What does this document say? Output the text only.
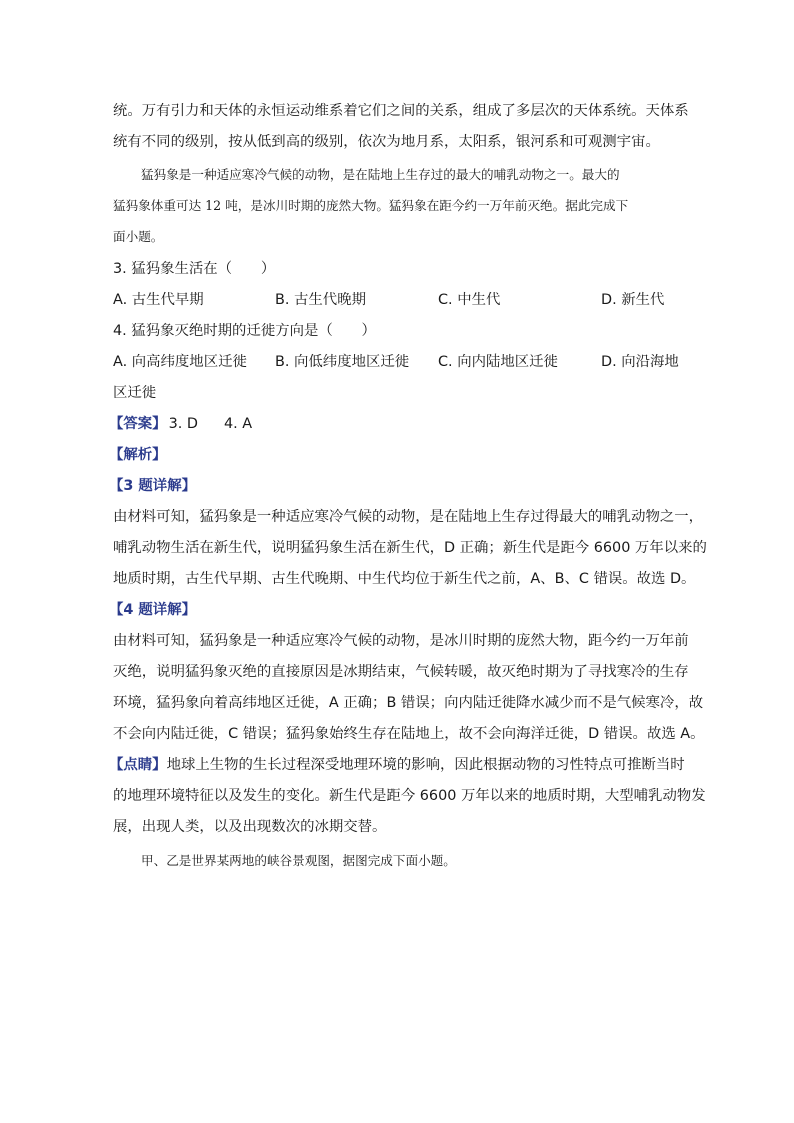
统。万有引力和天体的永恒运动维系着它们之间的关系，组成了多层次的天体系统。天体系
统有不同的级别，按从低到高的级别，依次为地月系，太阳系，银河系和可观测宇宙。
猛犸象是一种适应寒冷气候的动物，是在陆地上生存过的最大的哺乳动物之一。最大的
猛犸象体重可达 12 吨，是冰川时期的庞然大物。猛犸象在距今约一万年前灭绝。据此完成下
面小题。
3. 猛犸象生活在（　　）
A. 古生代早期	B. 古生代晚期	C. 中生代	D. 新生代
4. 猛犸象灭绝时期的迁徙方向是（　　）
A. 向高纬度地区迁徙 B. 向低纬度地区迁徙 C. 向内陆地区迁徙	D. 向沿海地
区迁徙
【答案】 3. D 4. A
【解析】
【3 题详解】
由材料可知，猛犸象是一种适应寒冷气候的动物，是在陆地上生存过得最大的哺乳动物之一，
哺乳动物生活在新生代，说明猛犸象生活在新生代，D 正确；新生代是距今 6600 万年以来的
地质时期，古生代早期、古生代晚期、中生代均位于新生代之前，A、B、C 错误。故选 D。
【4 题详解】
由材料可知，猛犸象是一种适应寒冷气候的动物，是冰川时期的庞然大物，距今约一万年前
灭绝，说明猛犸象灭绝的直接原因是冰期结束，气候转暖，故灭绝时期为了寻找寒冷的生存
环境，猛犸象向着高纬地区迁徙，A 正确；B 错误；向内陆迁徙降水减少而不是气候寒冷，故
不会向内陆迁徙，C 错误；猛犸象始终生存在陆地上，故不会向海洋迁徙，D 错误。故选 A。
【点睛】地球上生物的生长过程深受地理环境的影响，因此根据动物的习性特点可推断当时
的地理环境特征以及发生的变化。新生代是距今 6600 万年以来的地质时期，大型哺乳动物发
展，出现人类，以及出现数次的冰期交替。
甲、乙是世界某两地的峡谷景观图，据图完成下面小题。
